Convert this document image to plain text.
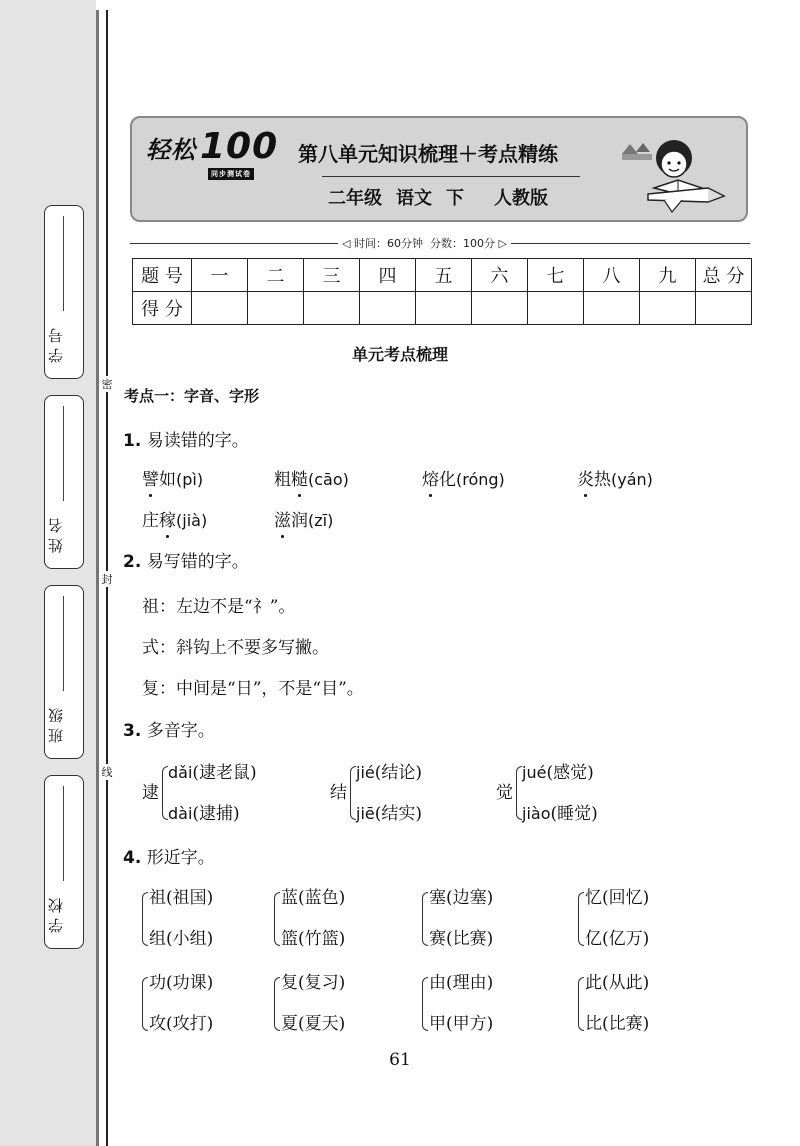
学 号
姓 名
班 级
学 校
密
封
线
轻松 100
同步测试卷
第八单元知识梳理＋考点精练
二年级 语文 下 人教版
◁ 时间：60分钟 分数：100分 ▷
题 号	一	二	三	四	五	六	七	八	九	总 分
得 分										
单元考点梳理
考点一：字音、字形
1. 易读错的字。
譬如(pì)	粗糙(cāo)	熔化(róng)	炎热(yán)
庄稼(jià)	滋润(zī)
2. 易写错的字。
祖：左边不是“礻”。
式：斜钩上不要多写撇。
复：中间是“日”，不是“目”。
3. 多音字。
逮
dǎi(逮老鼠)
dài(逮捕)
结
jié(结论)
jiē(结实)
觉
jué(感觉)
jiào(睡觉)
4. 形近字。
祖(祖国)
组(小组)
蓝(蓝色)
篮(竹篮)
塞(边塞)
赛(比赛)
忆(回忆)
亿(亿万)
功(功课)
攻(攻打)
复(复习)
夏(夏天)
由(理由)
甲(甲方)
此(从此)
比(比赛)
61
